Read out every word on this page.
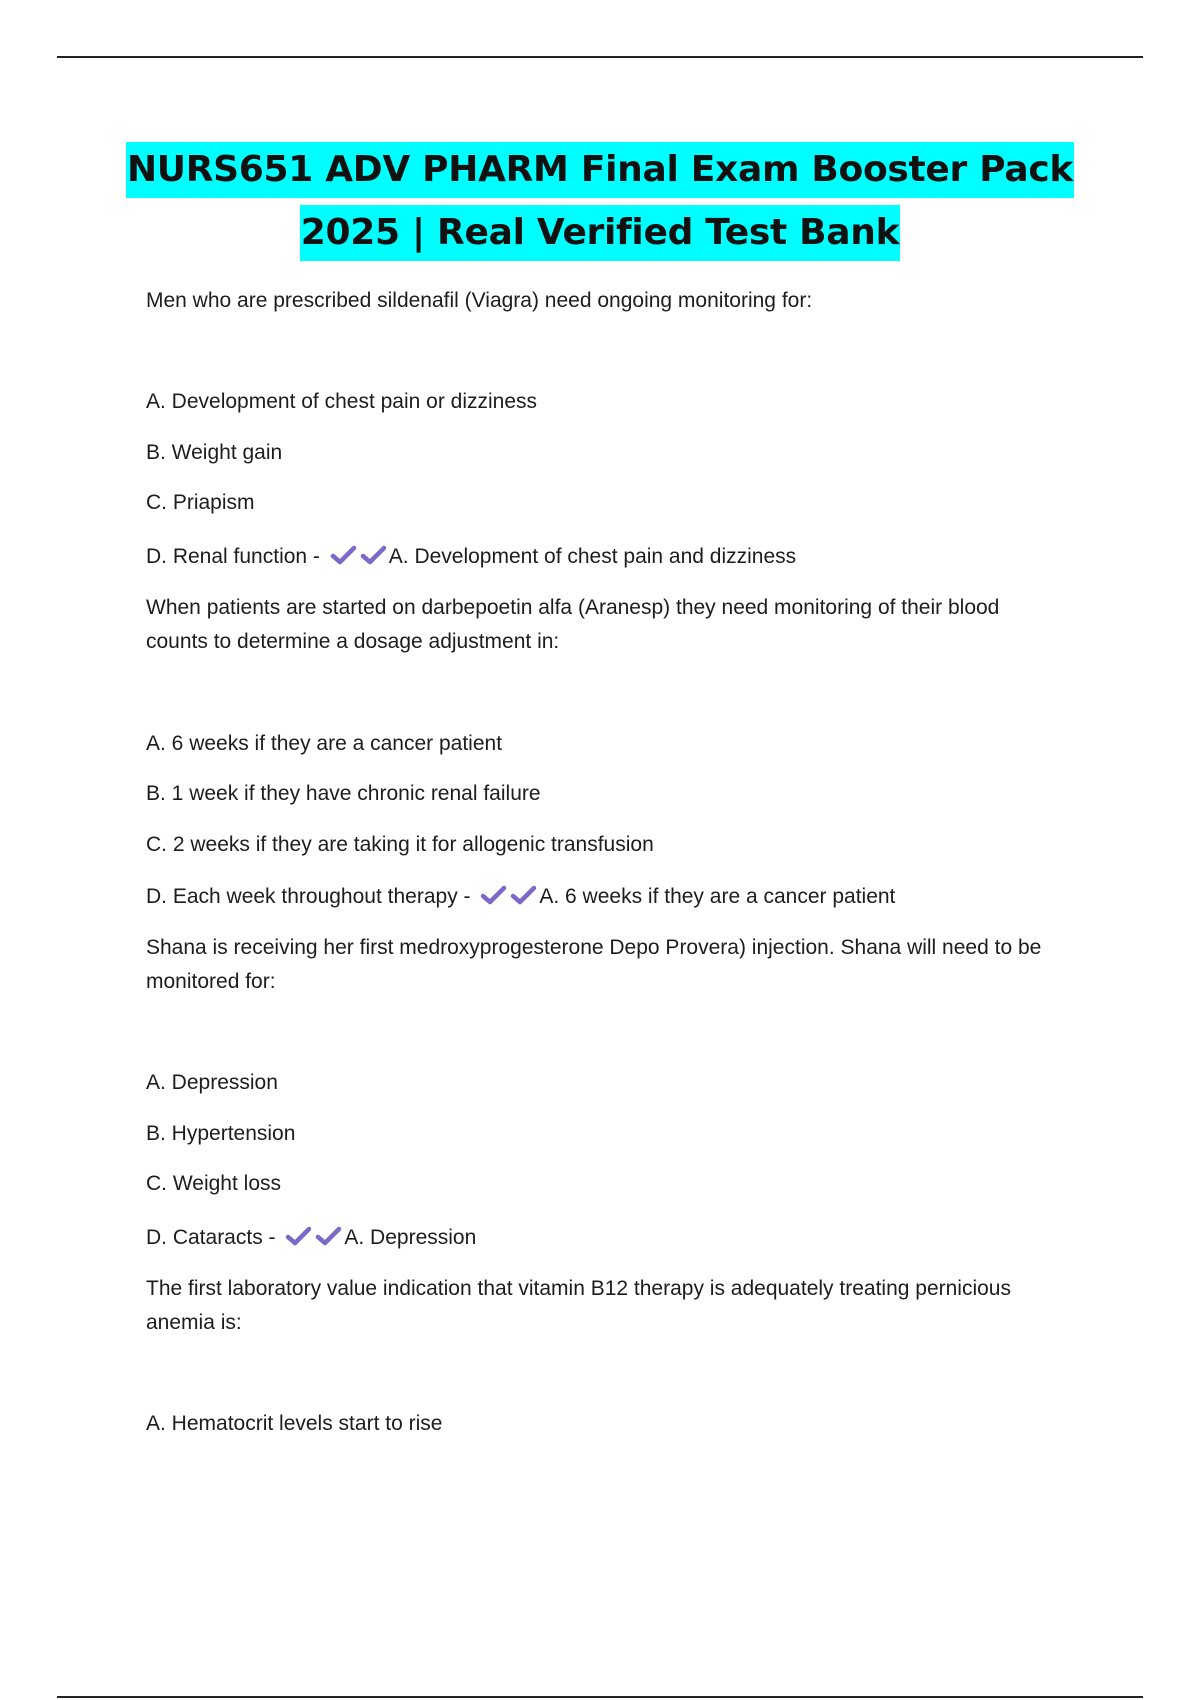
NURS651 ADV PHARM Final Exam Booster Pack
2025 | Real Verified Test Bank
Men who are prescribed sildenafil (Viagra) need ongoing monitoring for:
A. Development of chest pain or dizziness
B. Weight gain
C. Priapism
D. Renal function -	A. Development of chest pain and dizziness
When patients are started on darbepoetin alfa (Aranesp) they need monitoring of their blood
counts to determine a dosage adjustment in:
A. 6 weeks if they are a cancer patient
B. 1 week if they have chronic renal failure
C. 2 weeks if they are taking it for allogenic transfusion
D. Each week throughout therapy -	A. 6 weeks if they are a cancer patient
Shana is receiving her first medroxyprogesterone Depo Provera) injection. Shana will need to be
monitored for:
A. Depression
B. Hypertension
C. Weight loss
D. Cataracts -	A. Depression
The first laboratory value indication that vitamin B12 therapy is adequately treating pernicious
anemia is:
A. Hematocrit levels start to rise
